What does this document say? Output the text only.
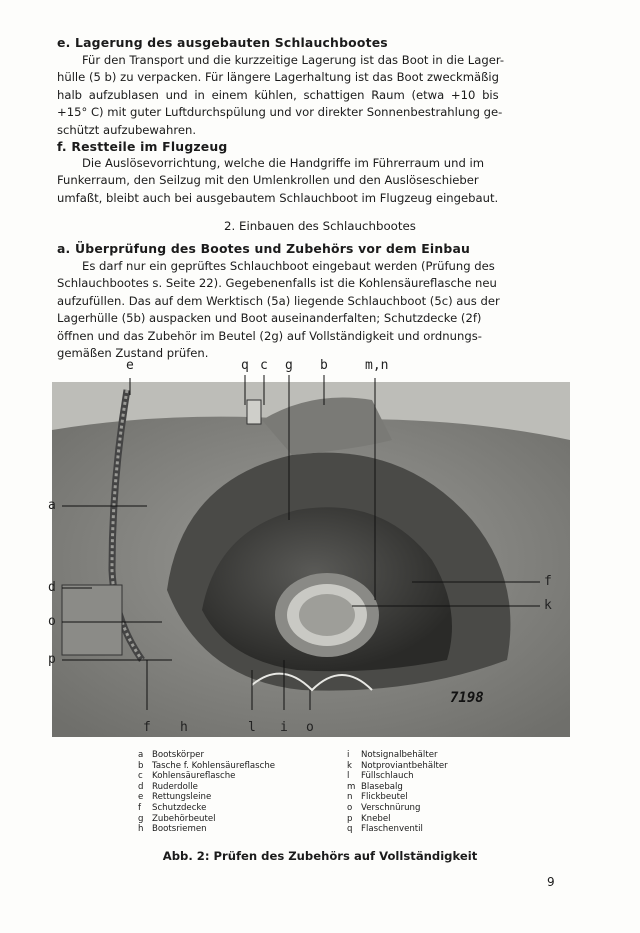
e. Lagerung des ausgebauten Schlauchbootes
Für den Transport und die kurzzeitige Lagerung ist das Boot in die Lager-
hülle (5 b) zu verpacken. Für längere Lagerhaltung ist das Boot zweckmäßig
halb aufzublasen und in einem kühlen, schattigen Raum (etwa +10 bis
+15° C) mit guter Luftdurchspülung und vor direkter Sonnenbestrahlung ge-
schützt aufzubewahren.
f. Restteile im Flugzeug
Die Auslösevorrichtung, welche die Handgriffe im Führerraum und im
Funkerraum, den Seilzug mit den Umlenkrollen und den Auslöseschieber
umfaßt, bleibt auch bei ausgebautem Schlauchboot im Flugzeug eingebaut.
2. Einbauen des Schlauchbootes
a. Überprüfung des Bootes und Zubehörs vor dem Einbau
Es darf nur ein geprüftes Schlauchboot eingebaut werden (Prüfung des
Schlauchbootes s. Seite 22). Gegebenenfalls ist die Kohlensäureflasche neu
aufzufüllen. Das auf dem Werktisch (5a) liegende Schlauchboot (5c) aus der
Lagerhülle (5b) auspacken und Boot auseinanderfalten; Schutzdecke (2f)
öffnen und das Zubehör im Beutel (2g) auf Vollständigkeit und ordnungs-
gemäßen Zustand prüfen.
e	q c g b	m,n
a
d
o
p
f
k
f h	l i o
7198
a	Bootskörper
b Tasche f. Kohlensäureflasche
c	Kohlensäureflasche
d Ruderdolle
e	Rettungsleine
f	Schutzdecke
g Zubehörbeutel
h Bootsriemen
i	Notsignalbehälter
k	Notproviantbehälter
l	Füllschlauch
m Blasebalg
n Flickbeutel
o	Verschnürung
p Knebel
q Flaschenventil
Abb. 2: Prüfen des Zubehörs auf Vollständigkeit
9
